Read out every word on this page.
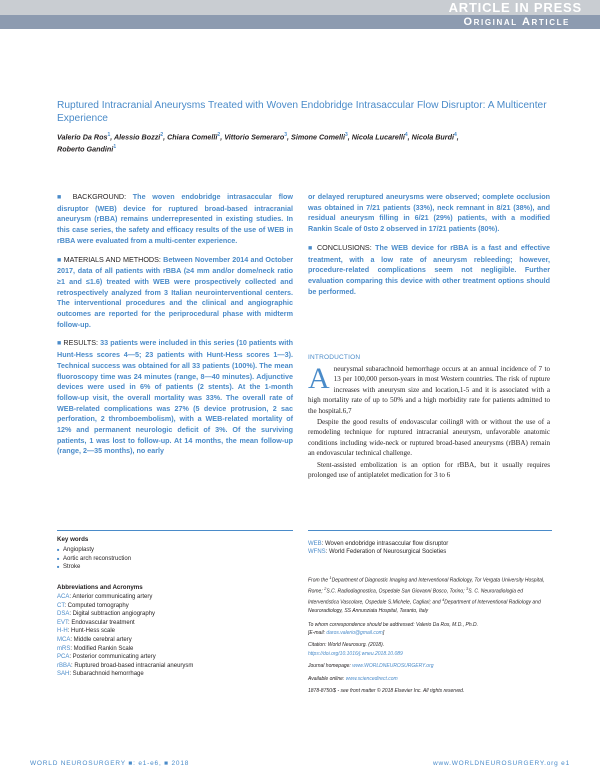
ARTICLE IN PRESS
Original Article
Ruptured Intracranial Aneurysms Treated with Woven Endobridge Intrasaccular Flow Disruptor: A Multicenter Experience
Valerio Da Ros$^1$, Alessio Bozzi$^2$, Chiara Comelli$^2$, Vittorio Semeraro$^3$, Simone Comelli$^3$, Nicola Lucarelli$^4$, Nicola Burdi$^4$,
Roberto Gandini$^1$

■ BACKGROUND: The woven endobridge intrasaccular flow disruptor (WEB) device for ruptured broad-based intracranial aneurysm (rBBA) remains underrepresented in existing studies. In this case series, the safety and efficacy results of the use of WEB in rBBA were evaluated from a multi-center experience.

■ MATERIALS AND METHODS: Between November 2014 and October 2017, data of all patients with rBBA (≥4 mm and/or dome/neck ratio ≥1 and ≤1.6) treated with WEB were prospectively collected and retrospectively analyzed from 3 Italian neurointerventional centers. The interventional procedures and the clinical and angiographic outcomes are reported for the periprocedural phase with midterm follow-up.

■ RESULTS: 33 patients were included in this series (10 patients with Hunt-Hess scores 4—5; 23 patients with Hunt-Hess scores 1—3). Technical success was obtained for all 33 patients (100%). The mean fluoroscopy time was 24 minutes (range, 8—40 minutes). Adjunctive devices were used in 6% of patients (2 stents). At the 1-month follow-up visit, the overall mortality was 33%. The overall rate of WEB-related complications was 27% (5 device protrusion, 2 sac perforation, 2 thromboembolism), with a WEB-related mortality of 12% and permanent neurologic deficit of 3%. Of the surviving patients, 1 was lost to follow-up. At 14 months, the mean follow-up (range, 2—35 months), no early

or delayed reruptured aneurysms were observed; complete occlusion was obtained in 7/21 patients (33%), neck remnant in 8/21 (38%), and residual aneurysm filling in 6/21 (29%) patients, with a modified Rankin Scale of 0sto 2 observed in 17/21 patients (80%).

■ CONCLUSIONS: The WEB device for rBBA is a fast and effective treatment, with a low rate of aneurysm rebleeding; however, procedure-related complications seem not negligible. Further evaluation comparing this device with other treatment options should be performed.

INTRODUCTION

Aneurysmal subarachnoid hemorrhage occurs at an annual incidence of 7 to 13 per 100,000 person-years in most Western countries. The risk of rupture increases with aneurysm size and location,1-5 and it is associated with a high mortality rate of up to 50% and a high morbidity rate for patients admitted to the hospital.6,7

Despite the good results of endovascular coiling8 with or without the use of a remodeling technique for ruptured intracranial aneurysm, unfavorable anatomic conditions including wide-neck or ruptured broad-based aneurysms (rBBA) remain an endovascular technical challenge.

Stent-assisted embolization is an option for rBBA, but it usually requires prolonged use of antiplatelet medication for 3 to 6

Key words
■ Angioplasty
■ Aortic arch reconstruction
■ Stroke
Abbreviations and Acronyms
ACA: Anterior communicating artery
CT: Computed tomography
DSA: Digital subtraction angiography
EVT: Endovascular treatment
H-H: Hunt-Hess scale
MCA: Middle cerebral artery
mRS: Modified Rankin Scale
PCA: Posterior communicating artery
rBBA: Ruptured broad-based intracranial aneurysm
SAH: Subarachnoid hemorrhage
WEB: Woven endobridge intrasaccular flow disruptor
WFNS: World Federation of Neurosurgical Societies
From the $^1$Department of Diagnostic Imaging and Interventional Radiology, Tor Vergata University Hospital, Rome; $^2$S.C. Radiodiagnostica, Ospedale San Giovanni Bosco, Torino; $^3$S. C. Neuroradiologia ed Interventistica Vascolare, Ospedale S.Michele, Cagliari; and $^4$Department of Interventional Radiology and Neuroradiology, SS Annunziata Hospital, Taranto, Italy
To whom correspondence should be addressed: Valerio Da Ros, M.D., Ph.D.
[E-mail: daros.valerio@gmail.com]
Citation: World Neurosurg. (2018).
https://doi.org/10.1016/j.wneu.2018.10.089
Journal homepage: www.WORLDNEUROSURGERY.org
Available online: www.sciencedirect.com
1878-8750/$ - see front matter © 2018 Elsevier Inc. All rights reserved.
WORLD NEUROSURGERY ■: e1-e6, ■ 2018	www.WORLDNEUROSURGERY.org e1
